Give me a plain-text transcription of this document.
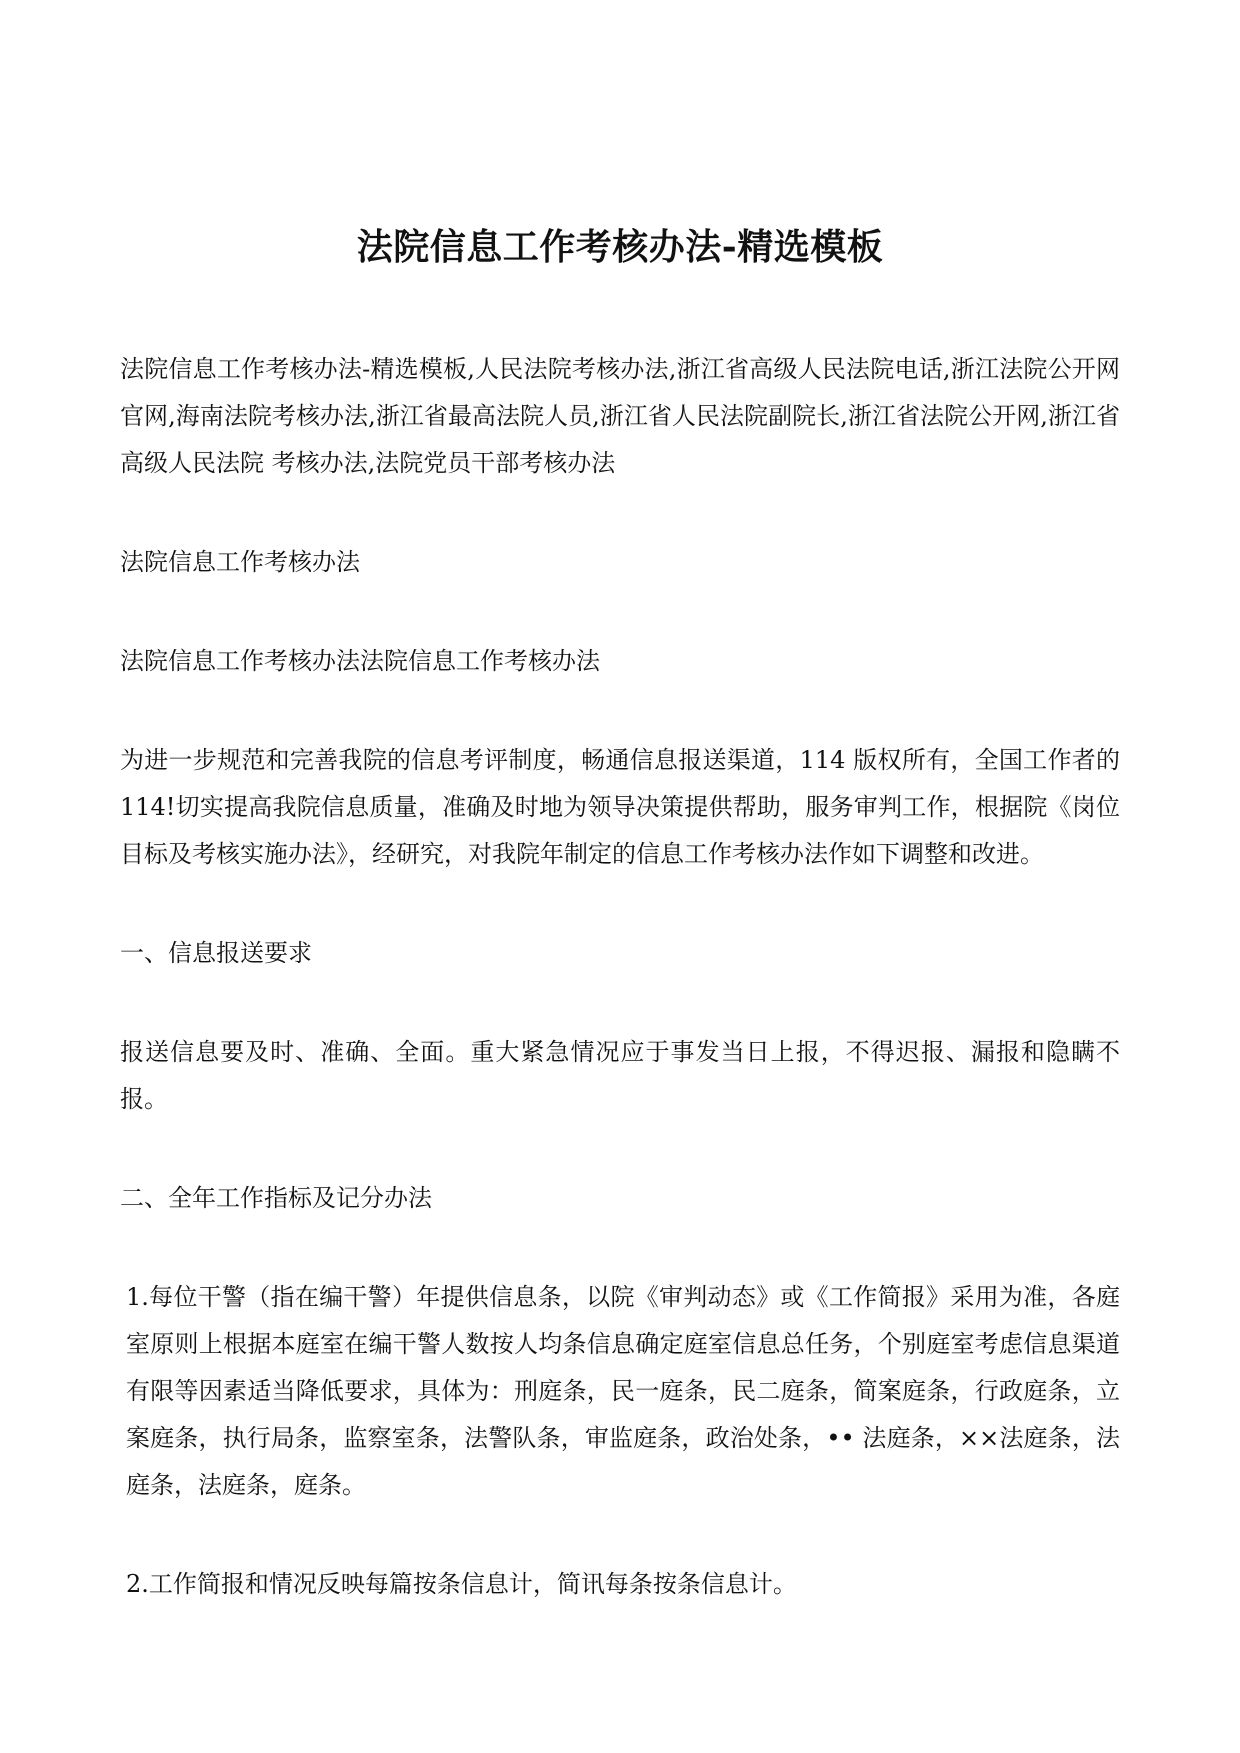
法院信息工作考核办法-精选模板

法院信息工作考核办法-精选模板,人民法院考核办法,浙江省高级人民法院电话,浙江法院公开网官网,海南法院考核办法,浙江省最高法院人员,浙江省人民法院副院长,浙江省法院公开网,浙江省高级人民法院 考核办法,法院党员干部考核办法

法院信息工作考核办法

法院信息工作考核办法法院信息工作考核办法

为进一步规范和完善我院的信息考评制度，畅通信息报送渠道，114 版权所有，全国工作者的 114!切实提高我院信息质量，准确及时地为领导决策提供帮助，服务审判工作，根据院《岗位目标及考核实施办法》，经研究，对我院年制定的信息工作考核办法作如下调整和改进。

一、信息报送要求

报送信息要及时、准确、全面。重大紧急情况应于事发当日上报，不得迟报、漏报和隐瞒不报。

二、全年工作指标及记分办法

1.每位干警（指在编干警）年提供信息条，以院《审判动态》或《工作简报》采用为准，各庭室原则上根据本庭室在编干警人数按人均条信息确定庭室信息总任务，个别庭室考虑信息渠道有限等因素适当降低要求，具体为：刑庭条，民一庭条，民二庭条，简案庭条，行政庭条，立案庭条，执行局条，监察室条，法警队条，审监庭条，政治处条，•• 法庭条，××法庭条，法庭条，法庭条，庭条。

2.工作简报和情况反映每篇按条信息计，简讯每条按条信息计。
